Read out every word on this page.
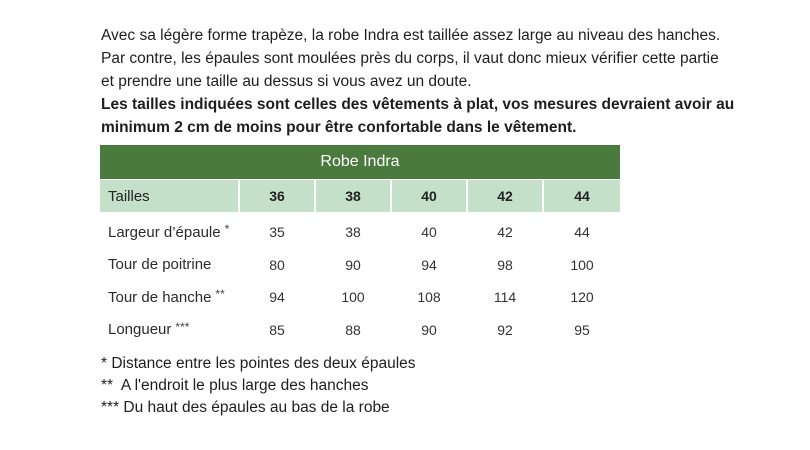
Avec sa légère forme trapèze, la robe Indra est taillée assez large au niveau des hanches.

Par contre, les épaules sont moulées près du corps, il vaut donc mieux vérifier cette partie

et prendre une taille au dessus si vous avez un doute.

Les tailles indiquées sont celles des vêtements à plat, vos mesures devraient avoir au

minimum 2 cm de moins pour être confortable dans le vêtement.

Robe Indra
Tailles	36	38	40	42	44
Largeur d’épaule *	35	38	40	42	44
Tour de poitrine	80	90	94	98	100
Tour de hanche **	94	100	108	114	120
Longueur ***	85	88	90	92	95
* Distance entre les pointes des deux épaules
**  A l'endroit le plus large des hanches
*** Du haut des épaules au bas de la robe
